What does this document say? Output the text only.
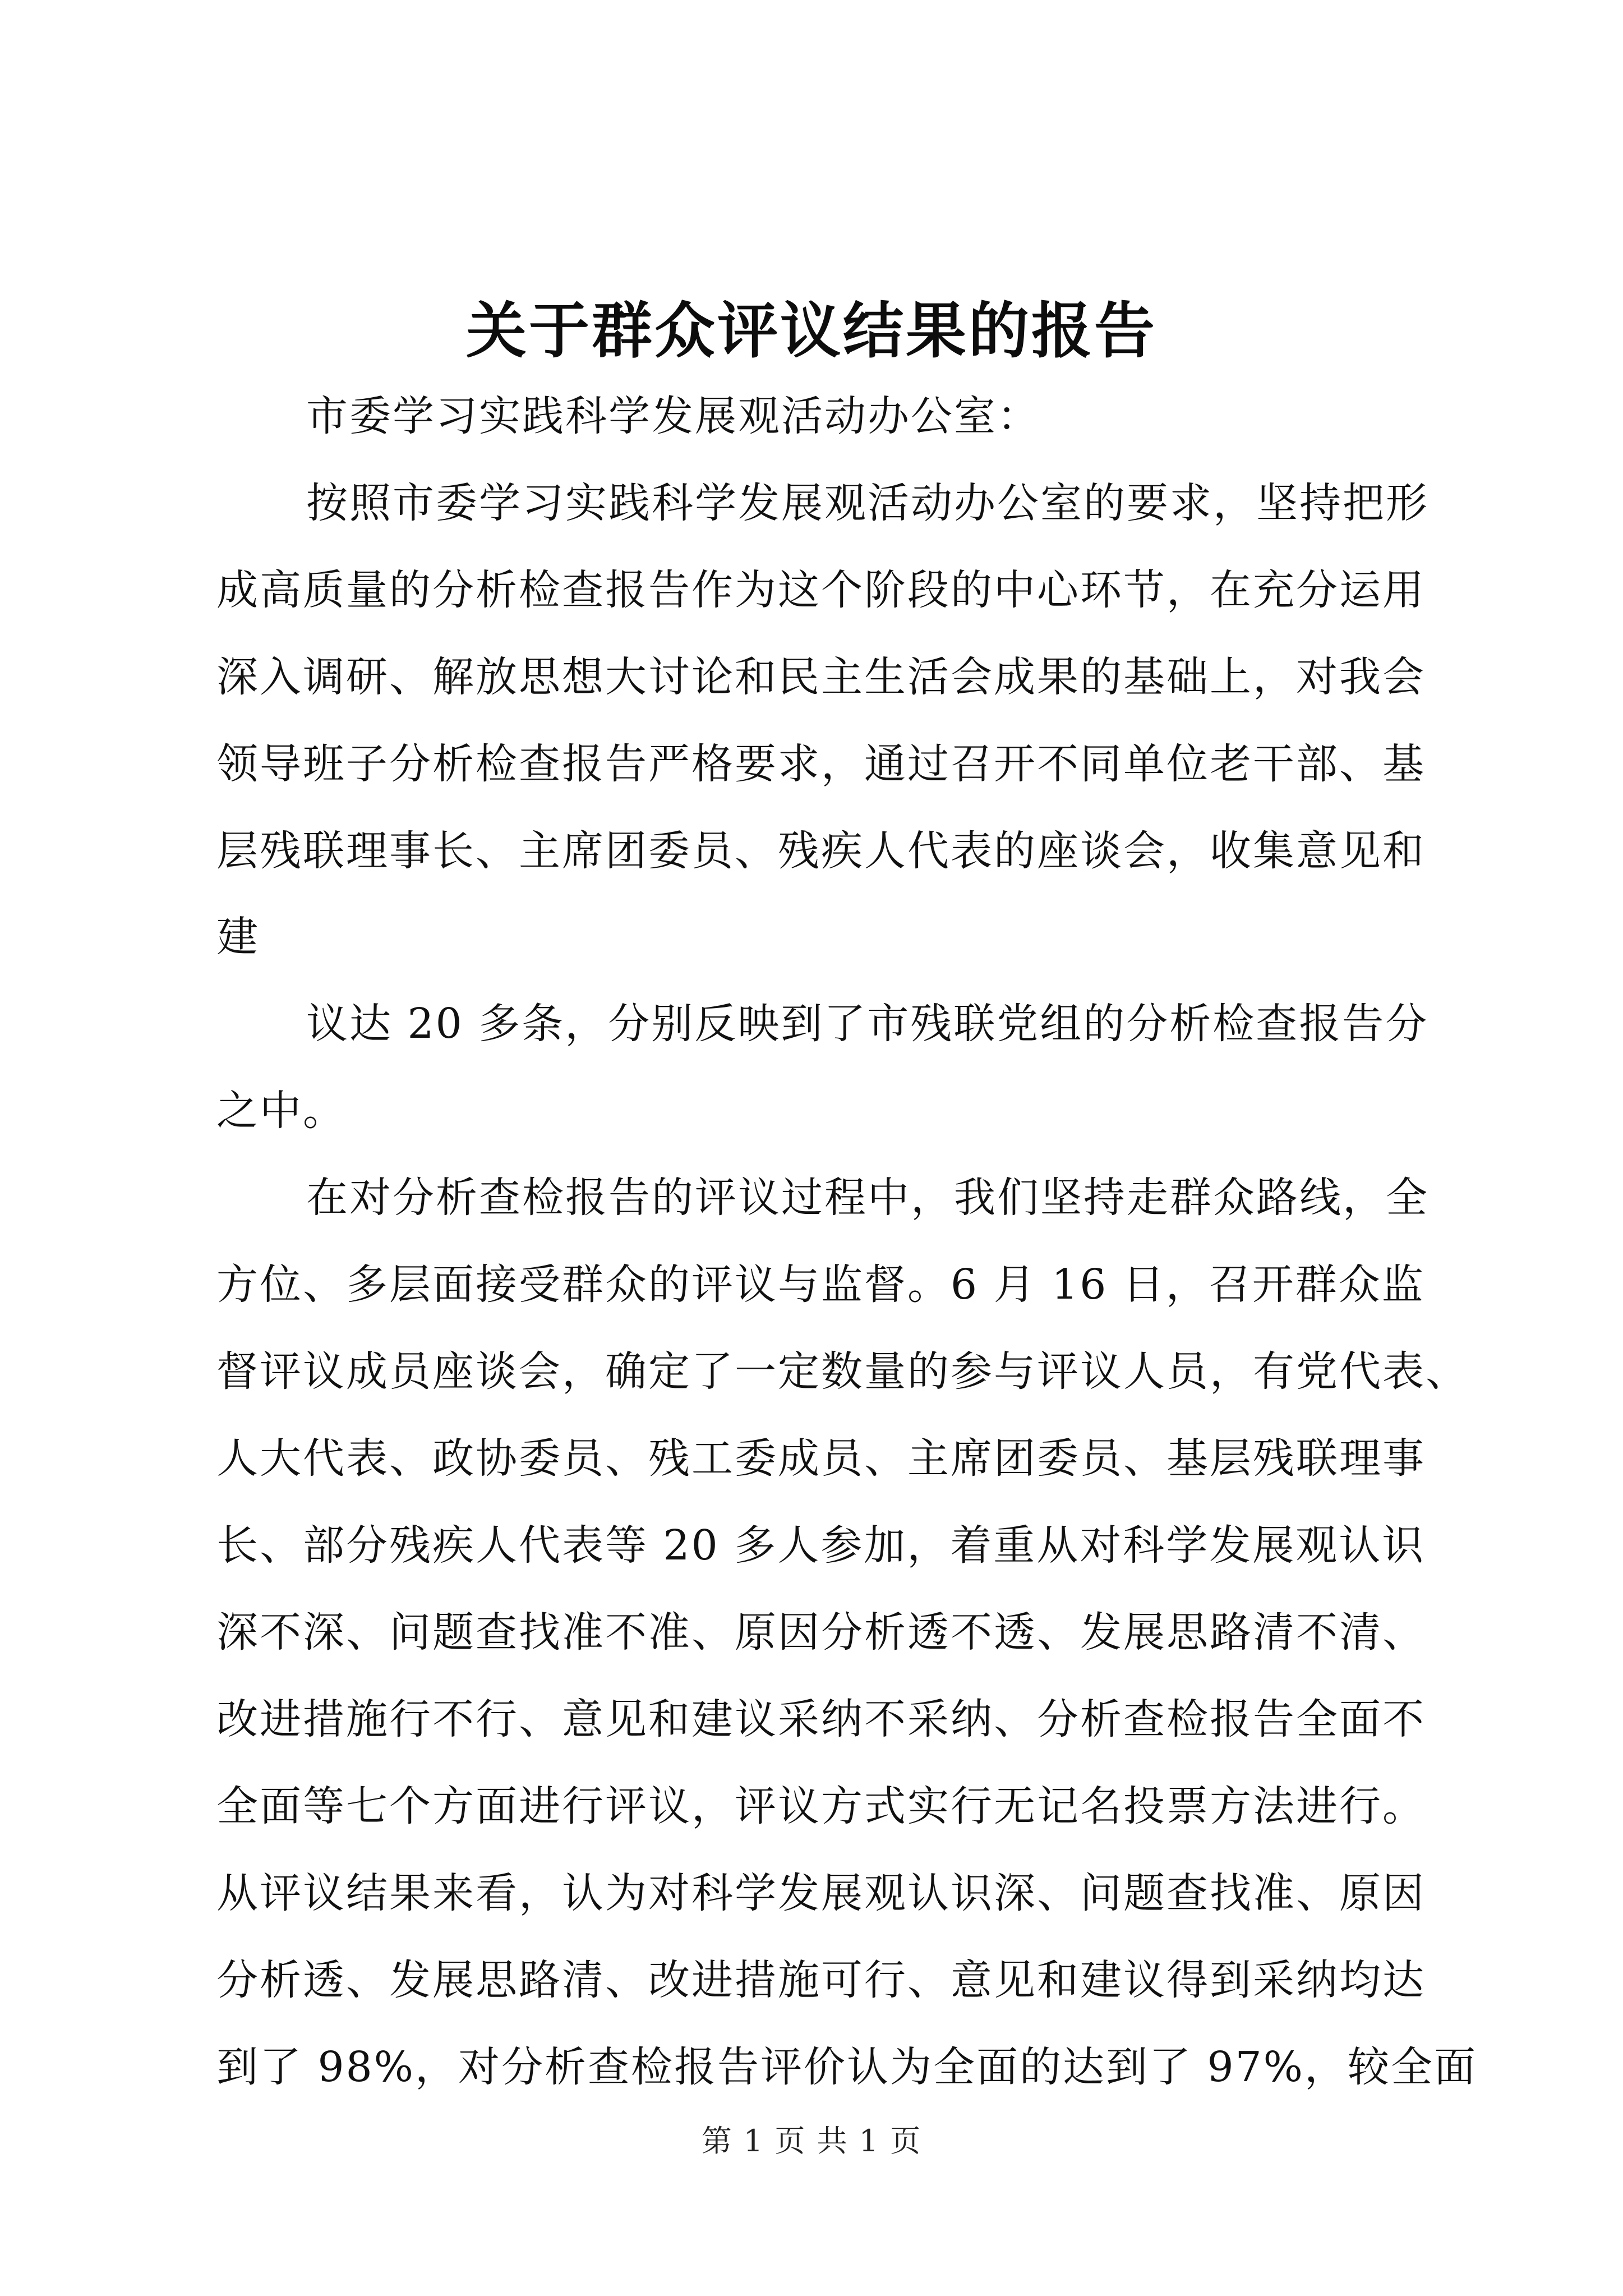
关于群众评议结果的报告
市委学习实践科学发展观活动办公室：
按照市委学习实践科学发展观活动办公室的要求，坚持把形
成高质量的分析检查报告作为这个阶段的中心环节，在充分运用
深入调研、解放思想大讨论和民主生活会成果的基础上，对我会
领导班子分析检查报告严格要求，通过召开不同单位老干部、基
层残联理事长、主席团委员、残疾人代表的座谈会，收集意见和
建
议达 20 多条，分别反映到了市残联党组的分析检查报告分
之中。
在对分析查检报告的评议过程中，我们坚持走群众路线，全
方位、多层面接受群众的评议与监督。6 月 16 日，召开群众监
督评议成员座谈会，确定了一定数量的参与评议人员，有党代表、
人大代表、政协委员、残工委成员、主席团委员、基层残联理事
长、部分残疾人代表等 20 多人参加，着重从对科学发展观认识
深不深、问题查找准不准、原因分析透不透、发展思路清不清、
改进措施行不行、意见和建议采纳不采纳、分析查检报告全面不
全面等七个方面进行评议，评议方式实行无记名投票方法进行。
从评议结果来看，认为对科学发展观认识深、问题查找准、原因
分析透、发展思路清、改进措施可行、意见和建议得到采纳均达
到了 98%，对分析查检报告评价认为全面的达到了 97%，较全面
第 1 页 共 1 页
